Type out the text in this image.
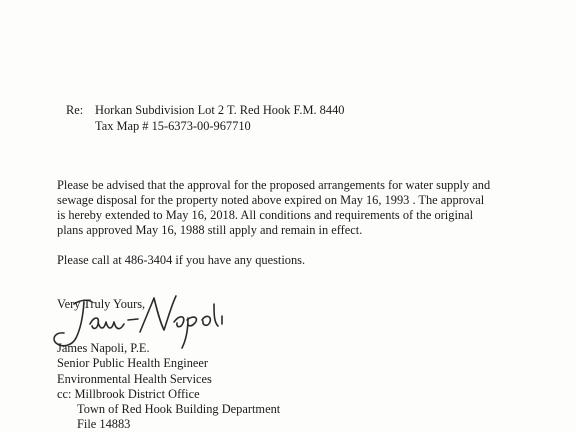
Re: Horkan Subdivision Lot 2 T. Red Hook F.M. 8440
Tax Map # 15-6373-00-967710
Please be advised that the approval for the proposed arrangements for water supply and
sewage disposal for the property noted above expired on May 16, 1993 . The approval
is hereby extended to May 16, 2018. All conditions and requirements of the original
plans approved May 16, 1988 still apply and remain in effect.
Please call at 486-3404 if you have any questions.
Very Truly Yours,
James Napoli, P.E.
Senior Public Health Engineer
Environmental Health Services
cc: Millbrook District Office
Town of Red Hook Building Department
File 14883
